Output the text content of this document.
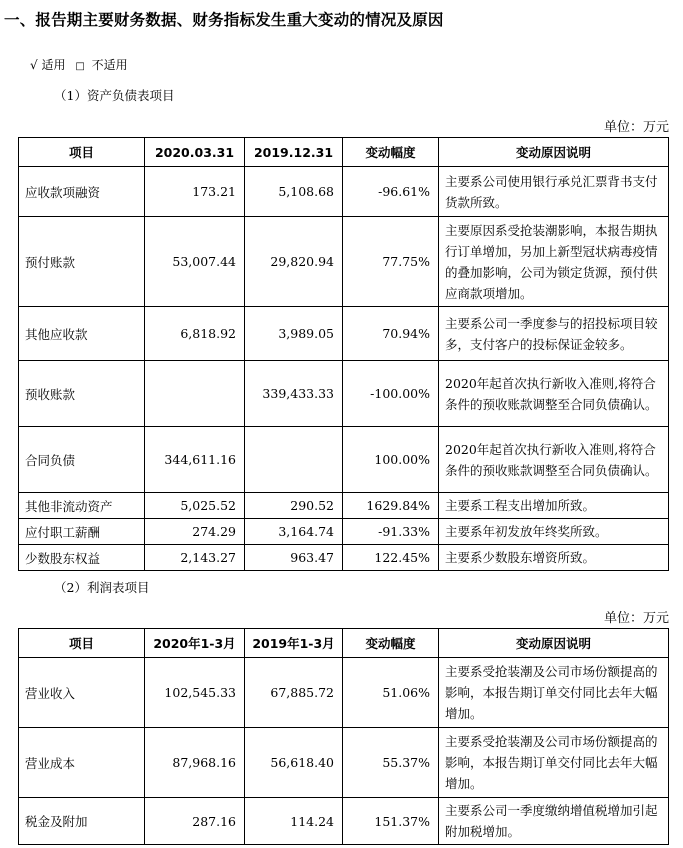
一、报告期主要财务数据、财务指标发生重大变动的情况及原因
√ 适用 □ 不适用
（1）资产负债表项目
单位：万元
项目	2020.03.31	2019.12.31	变动幅度	变动原因说明
应收款项融资	173.21	5,108.68	-96.61%	主要系公司使用银行承兑汇票背书支付货款所致。
预付账款	53,007.44	29,820.94	77.75%	主要原因系受抢装潮影响，本报告期执行订单增加，另加上新型冠状病毒疫情的叠加影响，公司为锁定货源，预付供应商款项增加。
其他应收款	6,818.92	3,989.05	70.94%	主要系公司一季度参与的招投标项目较多，支付客户的投标保证金较多。
预收账款		339,433.33	-100.00%	2020年起首次执行新收入准则,将符合条件的预收账款调整至合同负债确认。
合同负债	344,611.16		100.00%	2020年起首次执行新收入准则,将符合条件的预收账款调整至合同负债确认。
其他非流动资产	5,025.52	290.52	1629.84%	主要系工程支出增加所致。
应付职工薪酬	274.29	3,164.74	-91.33%	主要系年初发放年终奖所致。
少数股东权益	2,143.27	963.47	122.45%	主要系少数股东增资所致。
（2）利润表项目
单位：万元
项目	2020年1-3月	2019年1-3月	变动幅度	变动原因说明
营业收入	102,545.33	67,885.72	51.06%	主要系受抢装潮及公司市场份额提高的影响，本报告期订单交付同比去年大幅增加。
营业成本	87,968.16	56,618.40	55.37%	主要系受抢装潮及公司市场份额提高的影响，本报告期订单交付同比去年大幅增加。
税金及附加	287.16	114.24	151.37%	主要系公司一季度缴纳增值税增加引起附加税增加。
